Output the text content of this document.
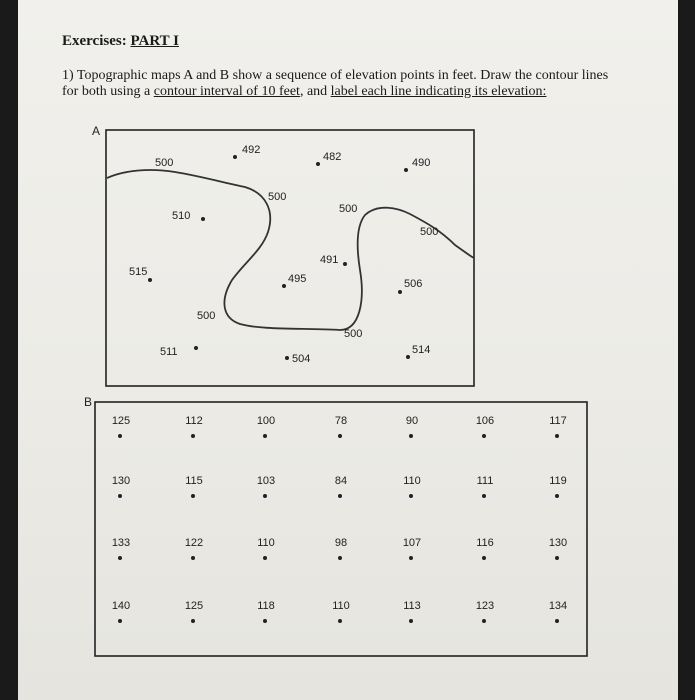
Exercises: PART I
1) Topographic maps A and B show a sequence of elevation points in feet. Draw the contour lines for both using a contour interval of 10 feet, and label each line indicating its elevation:
A
B
500
492
482	490
500
510
500
500
491
515
495	506
500
500
511
504
514
125	112	100	78	90	106	117
130	115	103	84	110	111	119
133	122	110	98	107	116	130
140	125	118	110	113	123	134
